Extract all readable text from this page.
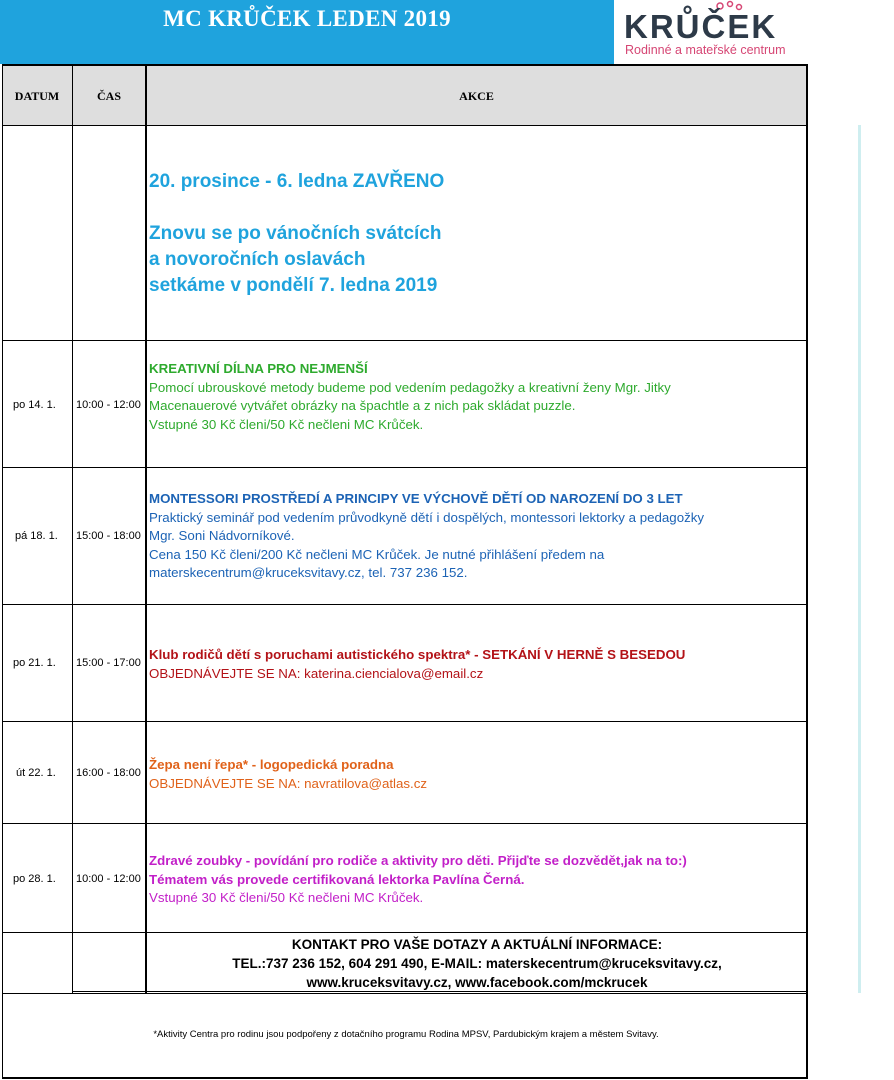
MC KRŮČEK LEDEN 2019	KRŮČEK
Rodinné a mateřské centrum
DATUM	ČAS	AKCE
20. prosince - 6. ledna ZAVŘENO
Znovu se po vánočních svátcích
a novoročních oslavách
setkáme v pondělí 7. ledna 2019
po 14. 1. 10:00 - 12:00
KREATIVNÍ DÍLNA PRO NEJMENŠÍ
Pomocí ubrouskové metody budeme pod vedením pedagožky a kreativní ženy Mgr. Jitky
Macenauerové vytvářet obrázky na špachtle a z nich pak skládat puzzle.
Vstupné 30 Kč členi/50 Kč nečleni MC Krůček.
pá 18. 1. 15:00 - 18:00
MONTESSORI PROSTŘEDÍ A PRINCIPY VE VÝCHOVĚ DĚTÍ OD NAROZENÍ DO 3 LET
Praktický seminář pod vedením průvodkyně dětí i dospělých, montessori lektorky a pedagožky
Mgr. Soni Nádvorníkové.
Cena 150 Kč členi/200 Kč nečleni MC Krůček. Je nutné přihlášení předem na
materskecentrum@kruceksvitavy.cz, tel. 737 236 152.
po 21. 1. 15:00 - 17:00
Klub rodičů dětí s poruchami autistického spektra* - SETKÁNÍ V HERNĚ S BESEDOU
OBJEDNÁVEJTE SE NA: katerina.ciencialova@email.cz
út 22. 1. 16:00 - 18:00
Žepa není řepa* - logopedická poradna
OBJEDNÁVEJTE SE NA: navratilova@atlas.cz
po 28. 1. 10:00 - 12:00
Zdravé zoubky - povídání pro rodiče a aktivity pro děti. Přijďte se dozvědět,jak na to:)
Tématem vás provede certifikovaná lektorka Pavlína Černá.
Vstupné 30 Kč členi/50 Kč nečleni MC Krůček.
KONTAKT PRO VAŠE DOTAZY A AKTUÁLNÍ INFORMACE:
TEL.:737 236 152, 604 291 490, E-MAIL: materskecentrum@kruceksvitavy.cz,
www.kruceksvitavy.cz, www.facebook.com/mckrucek
*Aktivity Centra pro rodinu jsou podpořeny z dotačního programu Rodina MPSV, Pardubickým krajem a městem Svitavy.
